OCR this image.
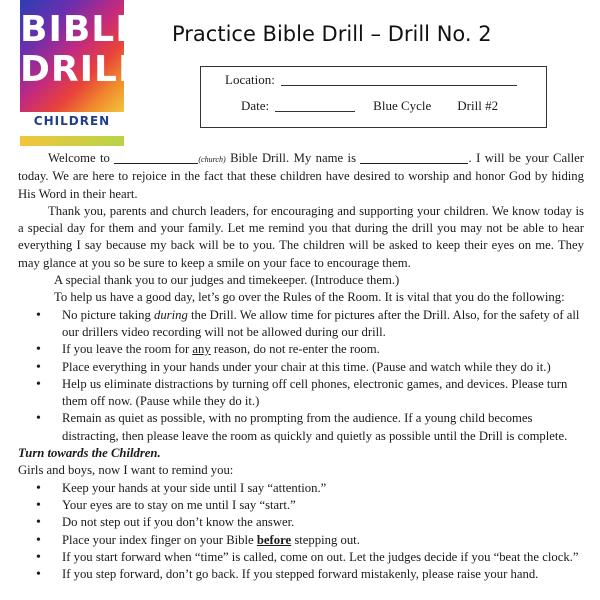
BIBLE
DRILL
CHILDREN
Practice Bible Drill – Drill No. 2
Location:
Date:	Blue Cycle Drill #2

Welcome to	(church) Bible Drill. My name is	. I will be your Caller today. We are here to rejoice in the fact that these children have desired to worship and honor God by hiding His Word in their heart.

Thank you, parents and church leaders, for encouraging and supporting your children. We know today is a special day for them and your family. Let me remind you that during the drill you may not be able to hear everything I say because my back will be to you. The children will be asked to keep their eyes on me. They may glance at you so be sure to keep a smile on your face to encourage them.

A special thank you to our judges and timekeeper. (Introduce them.)

To help us have a good day, let’s go over the Rules of the Room. It is vital that you do the following:

• No picture taking during the Drill. We allow time for pictures after the Drill. Also, for the safety of all our drillers video recording will not be allowed during our drill.
• If you leave the room for any reason, do not re-enter the room.
• Place everything in your hands under your chair at this time. (Pause and watch while they do it.)
• Help us eliminate distractions by turning off cell phones, electronic games, and devices. Please turn them off now. (Pause while they do it.)
• Remain as quiet as possible, with no prompting from the audience. If a young child becomes distracting, then please leave the room as quickly and quietly as possible until the Drill is complete.

Turn towards the Children.

Girls and boys, now I want to remind you:

• Keep your hands at your side until I say “attention.”
• Your eyes are to stay on me until I say “start.”
• Do not step out if you don’t know the answer.
• Place your index finger on your Bible before stepping out.
• If you start forward when “time” is called, come on out. Let the judges decide if you “beat the clock.”
• If you step forward, don’t go back. If you stepped forward mistakenly, please raise your hand.
